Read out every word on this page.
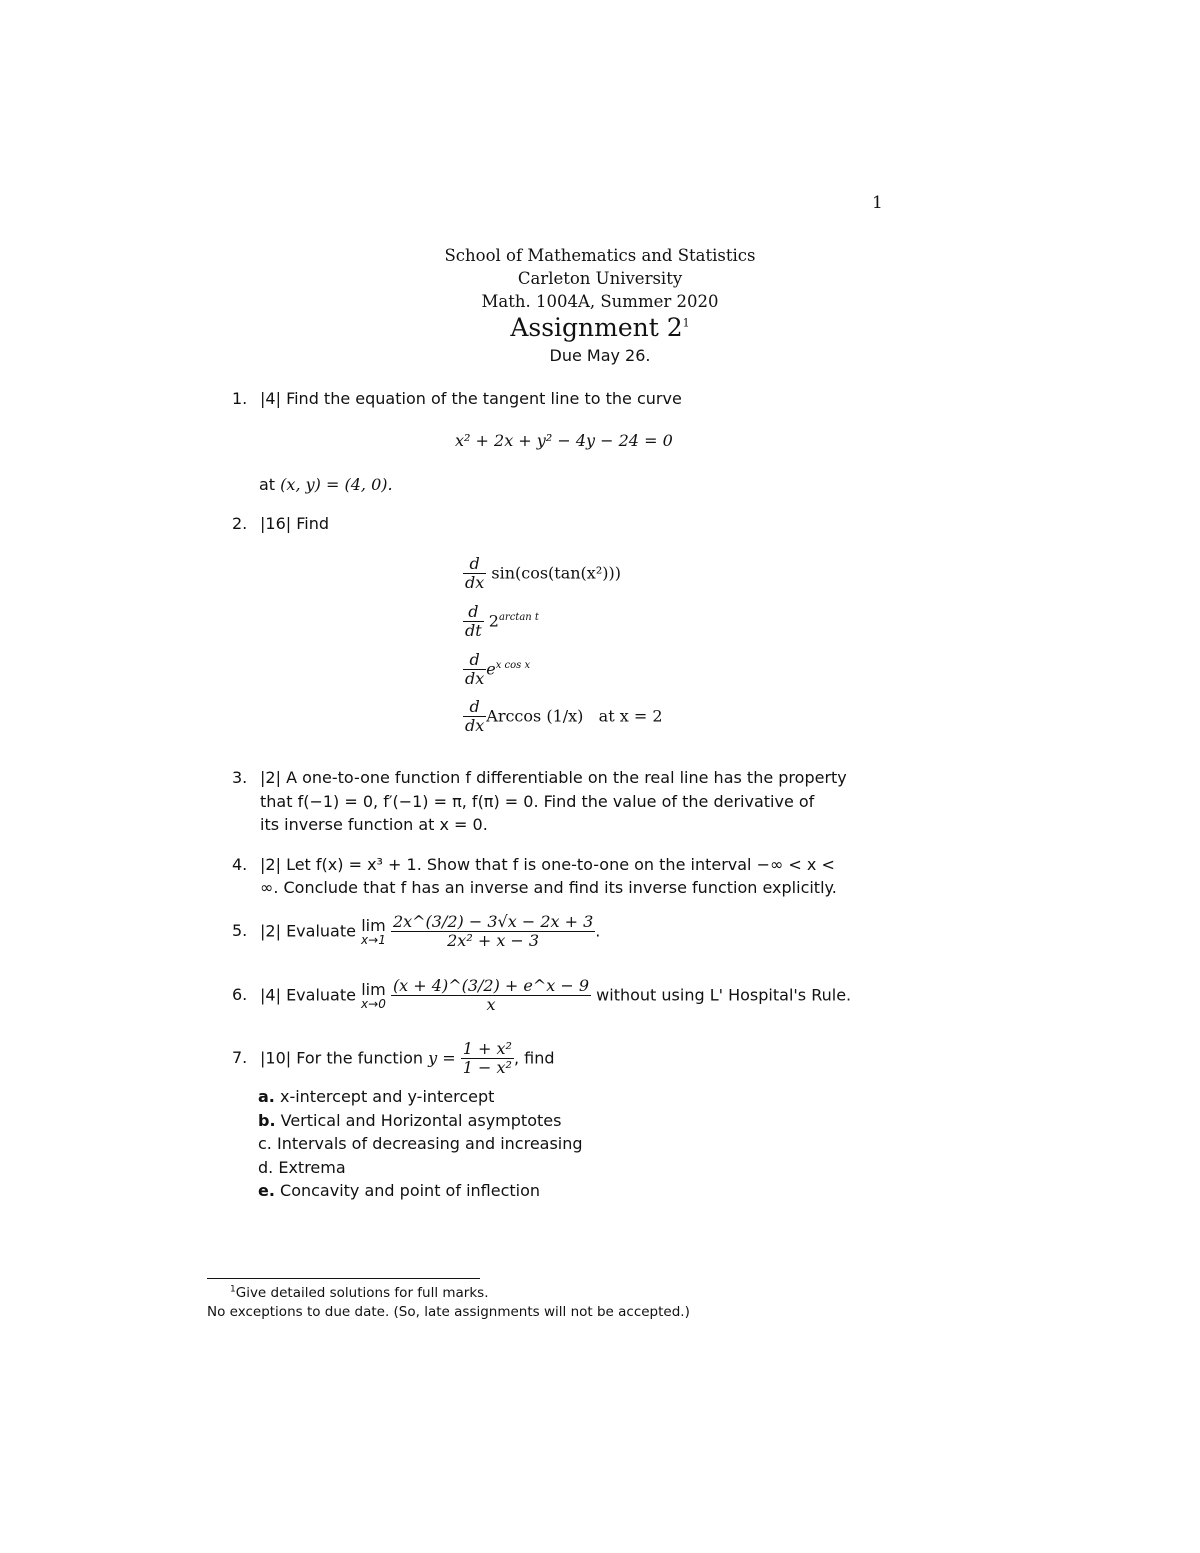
1
School of Mathematics and Statistics
Carleton University
Math. 1004A, Summer 2020
Assignment $2^1$
Due May 26.
1. |4| Find the equation of the tangent line to the curve
x² + 2x + y² − 4y − 24 = 0
at (x, y) = (4, 0).
2. |16| Find
$\frac{d}{dx} \sin(\cos(\tan(x^2)))$
$\frac{d}{dt} 2^{arctan t}$
$\frac{d}{dx} e^{x cos x}$
$\frac{d}{dx}$ Arccos (1/x) at x = 2
3. |2| A one-to-one function f differentiable on the real line has the property
that f(−1) = 0, f′(−1) = π, f(π) = 0. Find the value of the derivative of
its inverse function at x = 0.
4. |2| Let f(x) = x³ + 1. Show that f is one-to-one on the interval −∞ < x <
∞. Conclude that f has an inverse and find its inverse function explicitly.
5. |2| Evaluate lim
x→1
$\frac{2x\^{}(3/2) - 3√x - 2x + 3}{\text{2x² + x − 3}}$ .
6. |4| Evaluate lim
x→0
$\frac{(x + 4)\^{}(3/2) + e\^{}x - 9}{x}$ without using L' Hospital's Rule.
7. |10| For the function $y = \frac{\text{1 + x²}}{\text{1 − x²}}$ , find
a. x-intercept and y-intercept
b. Vertical and Horizontal asymptotes
c. Intervals of decreasing and increasing
d. Extrema
e. Concavity and point of inflection
$^1$Give detailed solutions for full marks.
No exceptions to due date. (So, late assignments will not be accepted.)
